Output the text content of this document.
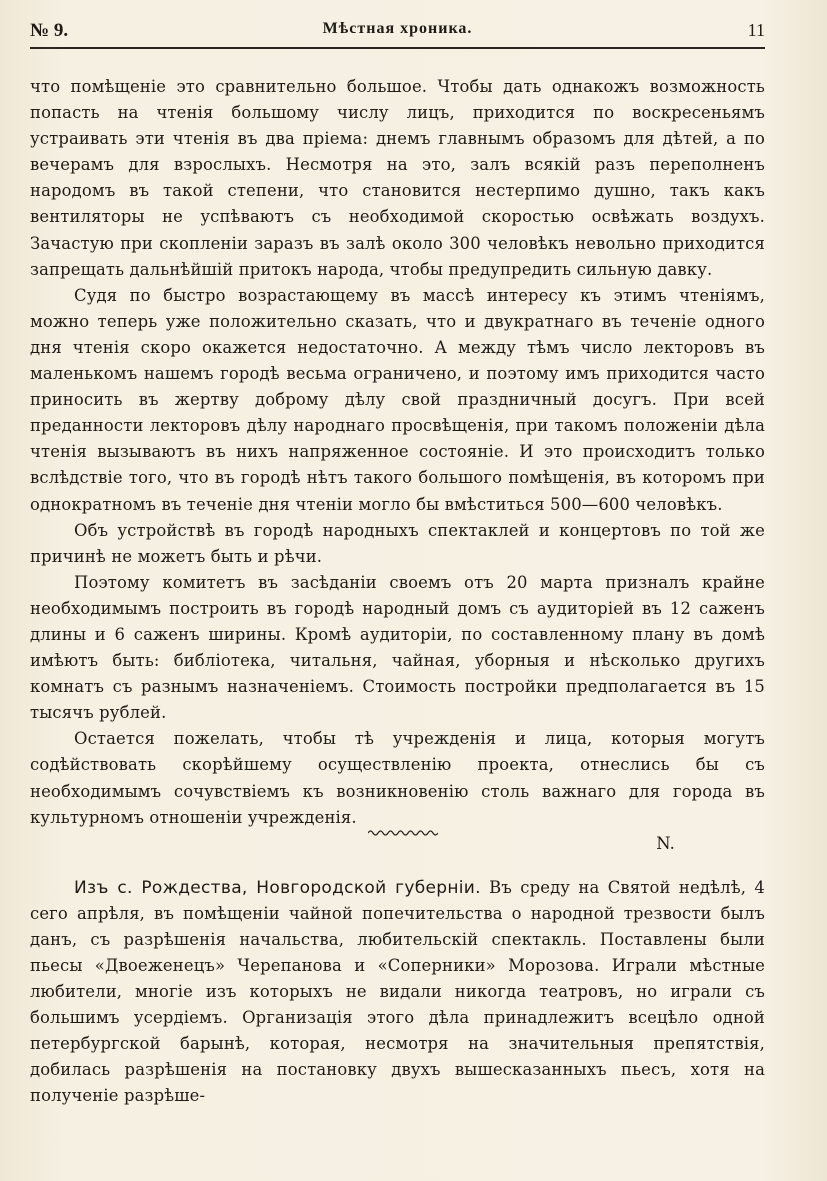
№ 9.	Мѣстная хроника.	11

что помѣщеніе это сравнительно большое. Чтобы дать однакожъ возможность попасть на чтенія большому числу лицъ, приходится по воскресеньямъ устраивать эти чтенія въ два пріема: днемъ главнымъ образомъ для дѣтей, а по вечерамъ для взрослыхъ. Несмотря на это, залъ всякій разъ переполненъ народомъ въ такой степени, что становится нестерпимо душно, такъ какъ вентиляторы не успѣваютъ съ необходимой скоростью освѣжать воздухъ. Зачастую при скопленіи заразъ въ залѣ около 300 человѣкъ невольно приходится запрещать дальнѣйшій притокъ народа, чтобы предупредить сильную давку.

Судя по быстро возрастающему въ массѣ интересу къ этимъ чтеніямъ, можно теперь уже положительно сказать, что и двукратнаго въ теченіе одного дня чтенія скоро окажется недостаточно. А между тѣмъ число лекторовъ въ маленькомъ нашемъ городѣ весьма ограничено, и поэтому имъ приходится часто приносить въ жертву доброму дѣлу свой праздничный досугъ. При всей преданности лекторовъ дѣлу народнаго просвѣщенія, при такомъ положеніи дѣла чтенія вызываютъ въ нихъ напряженное состояніе. И это происходитъ только вслѣдствіе того, что въ городѣ нѣтъ такого большого помѣщенія, въ которомъ при однократномъ въ теченіе дня чтеніи могло бы вмѣститься 500—600 человѣкъ.

Объ устройствѣ въ городѣ народныхъ спектаклей и концертовъ по той же причинѣ не можетъ быть и рѣчи.

Поэтому комитетъ въ засѣданіи своемъ отъ 20 марта призналъ крайне необходимымъ построить въ городѣ народный домъ съ аудиторіей въ 12 саженъ длины и 6 саженъ ширины. Кромѣ аудиторіи, по составленному плану въ домѣ имѣютъ быть: библіотека, читальня, чайная, уборныя и нѣсколько другихъ комнатъ съ разнымъ назначеніемъ. Стоимость постройки предполагается въ 15 тысячъ рублей.

Остается пожелать, чтобы тѣ учрежденія и лица, которыя могутъ содѣйствовать скорѣйшему осуществленію проекта, отнеслись бы съ необходимымъ сочувствіемъ къ возникновенію столь важнаго для города въ культурномъ отношеніи учрежденія.

N.

Изъ с. Рождества, Новгородской губерніи. Въ среду на Святой недѣлѣ, 4 сего апрѣля, въ помѣщеніи чайной попечительства о народной трезвости былъ данъ, съ разрѣшенія начальства, любительскій спектакль. Поставлены были пьесы «Двоеженецъ» Черепанова и «Соперники» Морозова. Играли мѣстные любители, многіе изъ которыхъ не видали никогда театровъ, но играли съ большимъ усердіемъ. Организація этого дѣла принадлежитъ всецѣло одной петербургской барынѣ, которая, несмотря на значительныя препятствія, добилась разрѣшенія на постановку двухъ вышесказанныхъ пьесъ, хотя на полученіе разрѣше-
